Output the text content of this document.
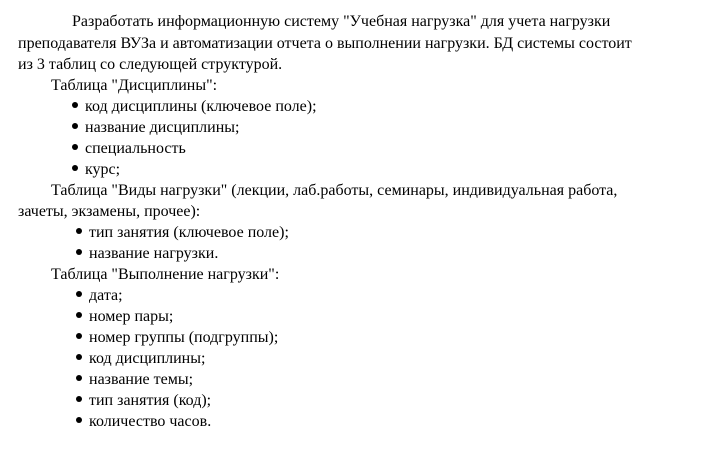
Разработать информационную систему "Учебная нагрузка" для учета нагрузки
преподавателя ВУЗа и автоматизации отчета о выполнении нагрузки. БД системы состоит
из 3 таблиц со следующей структурой.
Таблица "Дисциплины":
код дисциплины (ключевое поле);
название дисциплины;
специальность
курс;
Таблица "Виды нагрузки" (лекции, лаб.работы, семинары, индивидуальная работа,
зачеты, экзамены, прочее):
тип занятия (ключевое поле);
название нагрузки.
Таблица "Выполнение нагрузки":
дата;
номер пары;
номер группы (подгруппы);
код дисциплины;
название темы;
тип занятия (код);
количество часов.
